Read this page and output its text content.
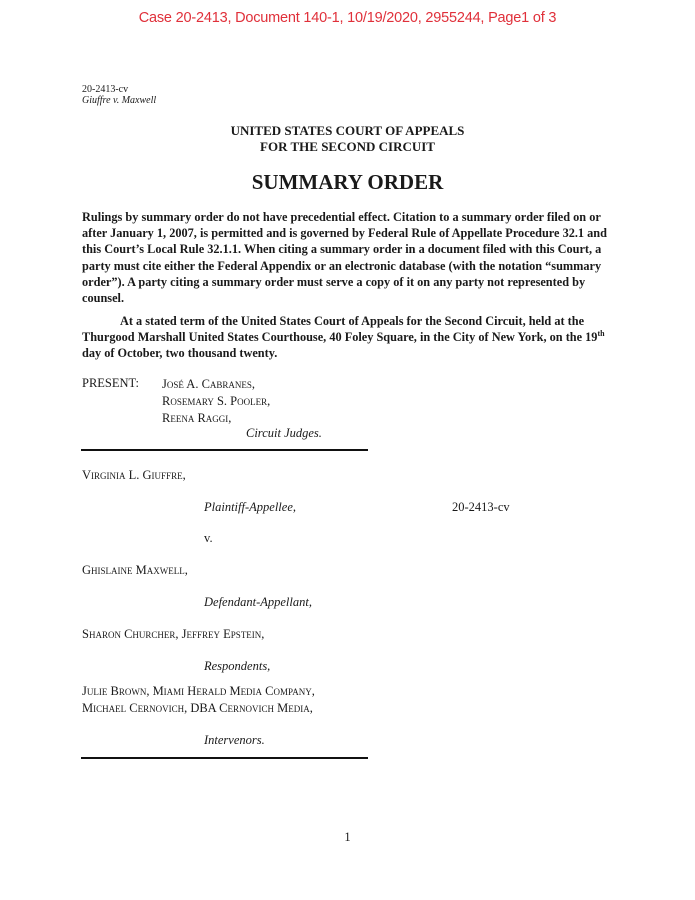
Case 20-2413, Document 140-1, 10/19/2020, 2955244, Page1 of 3
20-2413-cv
Giuffre v. Maxwell
UNITED STATES COURT OF APPEALS
FOR THE SECOND CIRCUIT
SUMMARY ORDER
Rulings by summary order do not have precedential effect. Citation to a summary order filed on or after January 1, 2007, is permitted and is governed by Federal Rule of Appellate Procedure 32.1 and this Court’s Local Rule 32.1.1. When citing a summary order in a document filed with this Court, a party must cite either the Federal Appendix or an electronic database (with the notation “summary order”). A party citing a summary order must serve a copy of it on any party not represented by counsel.
At a stated term of the United States Court of Appeals for the Second Circuit, held at the Thurgood Marshall United States Courthouse, 40 Foley Square, in the City of New York, on the 19th day of October, two thousand twenty.
PRESENT: José A. Cabranes,
Rosemary S. Pooler,
Reena Raggi,
Circuit Judges.
Virginia L. Giuffre,
Plaintiff-Appellee,	20-2413-cv
v.
Ghislaine Maxwell,
Defendant-Appellant,
Sharon Churcher, Jeffrey Epstein,
Respondents,
Julie Brown, Miami Herald Media Company,
Michael Cernovich, DBA Cernovich Media,
Intervenors.
1
